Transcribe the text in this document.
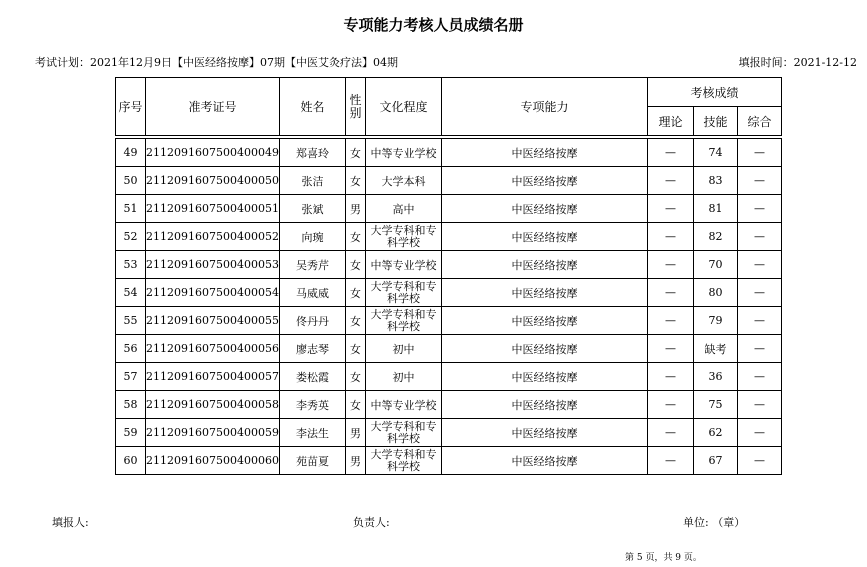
专项能力考核人员成绩名册
考试计划：2021年12月9日【中医经络按摩】07期【中医艾灸疗法】04期	填报时间：2021-12-12
序号	准考证号	姓名	性别	文化程度	专项能力	考核成绩		
						理论	技能	综合

49	2112091607500400049	郑喜玲	女	中等专业学校	中医经络按摩	—	74	—
50	2112091607500400050	张洁	女	大学本科	中医经络按摩	—	83	—
51	2112091607500400051	张斌	男	高中	中医经络按摩	—	81	—
52	2112091607500400052	向琬	女	大学专科和专科学校	中医经络按摩	—	82	—
53	2112091607500400053	吴秀芹	女	中等专业学校	中医经络按摩	—	70	—
54	2112091607500400054	马威威	女	大学专科和专科学校	中医经络按摩	—	80	—
55	2112091607500400055	佟丹丹	女	大学专科和专科学校	中医经络按摩	—	79	—
56	2112091607500400056	廖志琴	女	初中	中医经络按摩	—	缺考	—
57	2112091607500400057	娄松霞	女	初中	中医经络按摩	—	36	—
58	2112091607500400058	李秀英	女	中等专业学校	中医经络按摩	—	75	—
59	2112091607500400059	李法生	男	大学专科和专科学校	中医经络按摩	—	62	—
60	2112091607500400060	苑苗夏	男	大学专科和专科学校	中医经络按摩	—	67	—
填报人:	负责人:	单位: （章）
第 5 页，共 9 页。
